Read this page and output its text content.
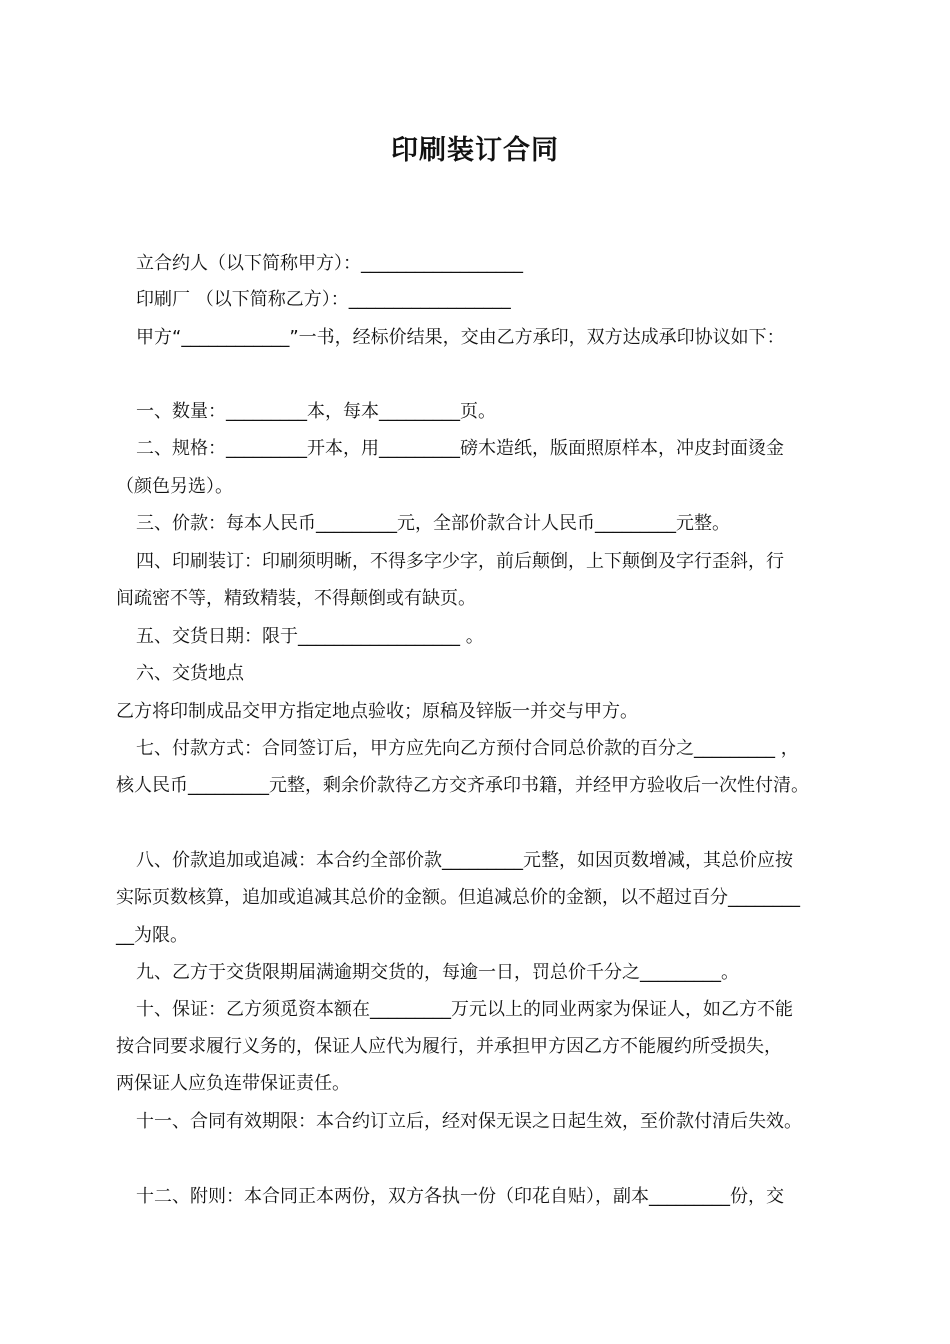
印刷装订合同
立合约人（以下简称甲方）：__________________
印刷厂 （以下简称乙方）：__________________
甲方“____________”一书，经标价结果，交由乙方承印，双方达成承印协议如下：
一、数量：_________本，每本_________页。
二、规格：_________开本，用_________磅木造纸，版面照原样本，冲皮封面烫金
（颜色另选）。
三、价款：每本人民币_________元，全部价款合计人民币_________元整。
四、印刷装订：印刷须明晰，不得多字少字，前后颠倒，上下颠倒及字行歪斜，行
间疏密不等，精致精装，不得颠倒或有缺页。
五、交货日期：限于__________________ 。
六、交货地点
乙方将印制成品交甲方指定地点验收；原稿及锌版一并交与甲方。
七、付款方式：合同签订后，甲方应先向乙方预付合同总价款的百分之_________ ，
核人民币_________元整，剩余价款待乙方交齐承印书籍，并经甲方验收后一次性付清。
八、价款追加或追减：本合约全部价款_________元整，如因页数增减，其总价应按
实际页数核算，追加或追减其总价的金额。但追减总价的金额，以不超过百分________
__为限。
九、乙方于交货限期届满逾期交货的，每逾一日，罚总价千分之_________。
十、保证：乙方须觅资本额在_________万元以上的同业两家为保证人，如乙方不能
按合同要求履行义务的，保证人应代为履行，并承担甲方因乙方不能履约所受损失，
两保证人应负连带保证责任。
十一、合同有效期限：本合约订立后，经对保无误之日起生效，至价款付清后失效。
十二、附则：本合同正本两份，双方各执一份（印花自贴），副本_________份，交
